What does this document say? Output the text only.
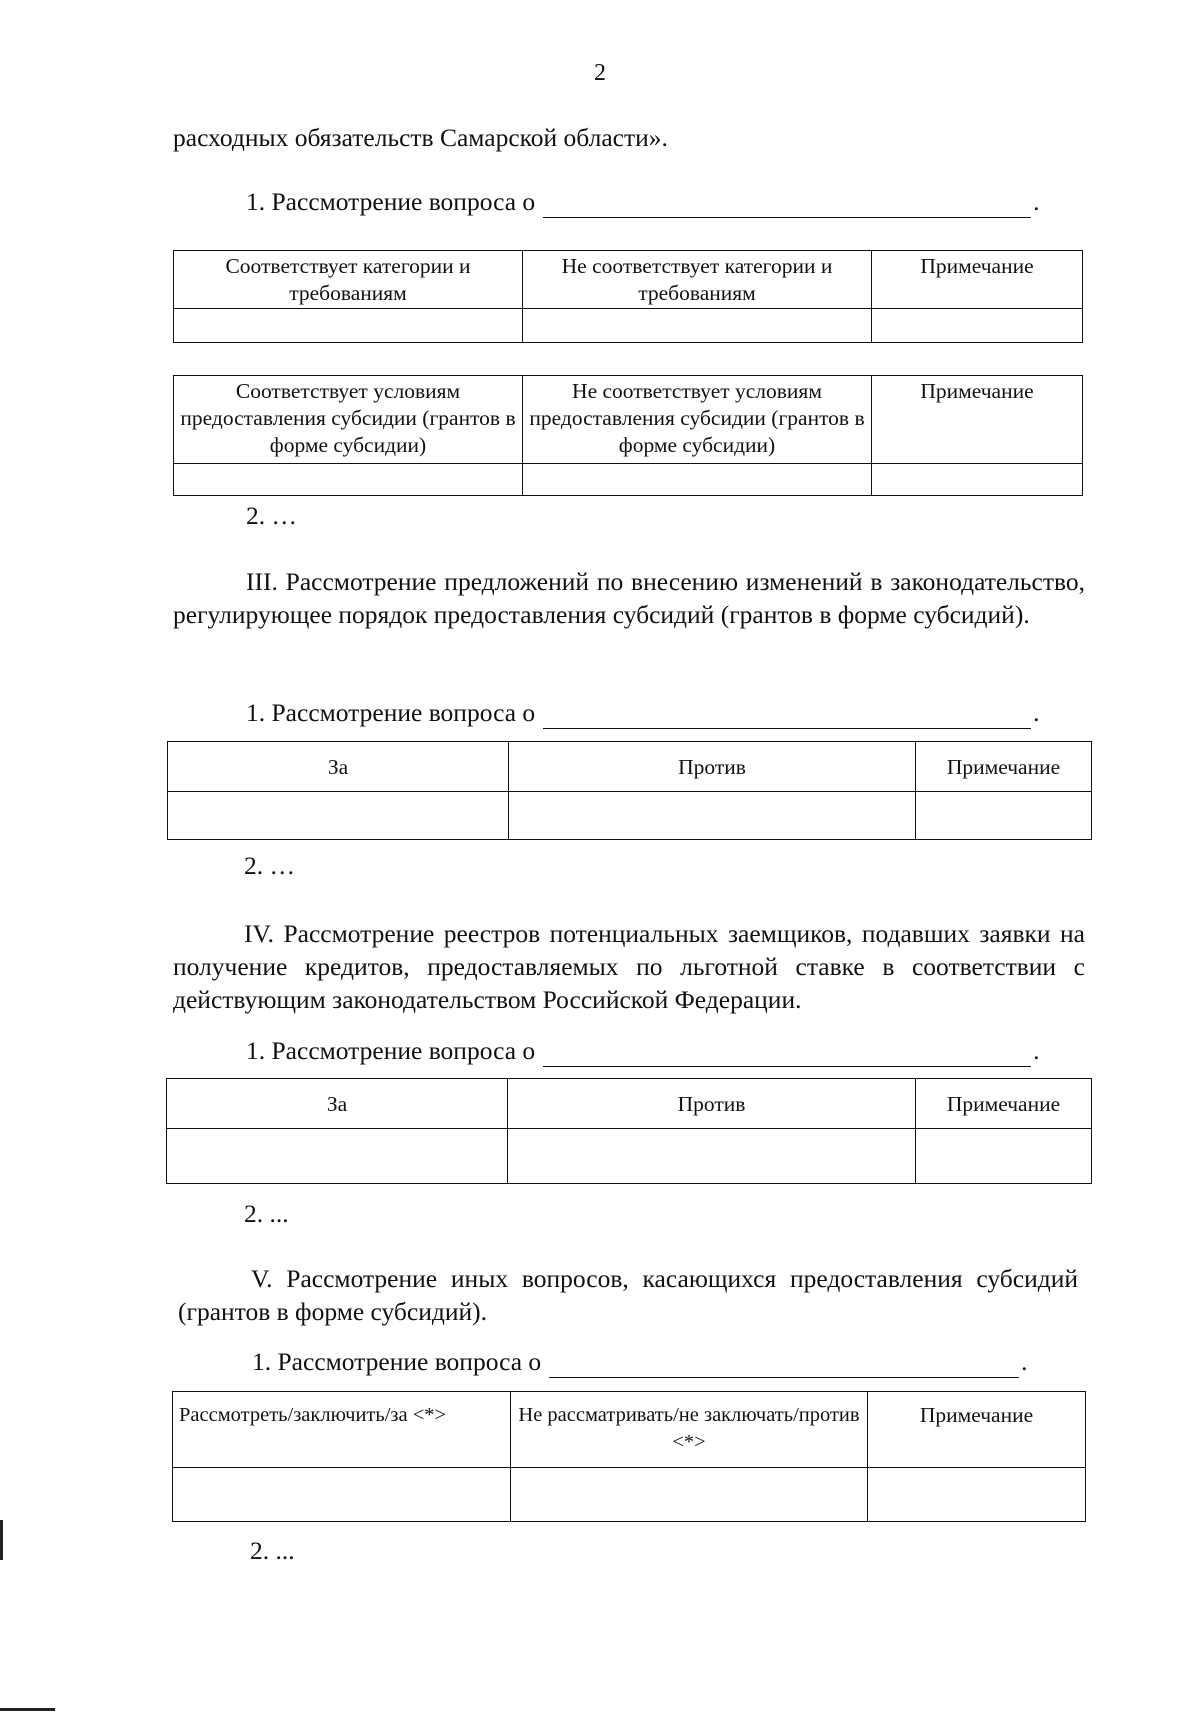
2
расходных обязательств Самарской области».
1. Рассмотрение вопроса о	.
Соответствует категории и требованиям	Не соответствует категории и требованиям	Примечание

Соответствует условиям предоставления субсидии (грантов в форме субсидии)	Не соответствует условиям предоставления субсидии (грантов в форме субсидии)	Примечание

2. …
III. Рассмотрение предложений по внесению изменений в законодательство, регулирующее порядок предоставления субсидий (грантов в форме субсидий).
1. Рассмотрение вопроса о	.
За	Против	Примечание

2. …
IV. Рассмотрение реестров потенциальных заемщиков, подавших заявки на получение кредитов, предоставляемых по льготной ставке в соответствии с действующим законодательством Российской Федерации.
1. Рассмотрение вопроса о	.
За	Против	Примечание

2. ...
V. Рассмотрение иных вопросов, касающихся предоставления субсидий (грантов в форме субсидий).
1. Рассмотрение вопроса о	.
Рассмотреть/заключить/за <*>	Не рассматривать/не заключать/против <*>	Примечание

2. ...
